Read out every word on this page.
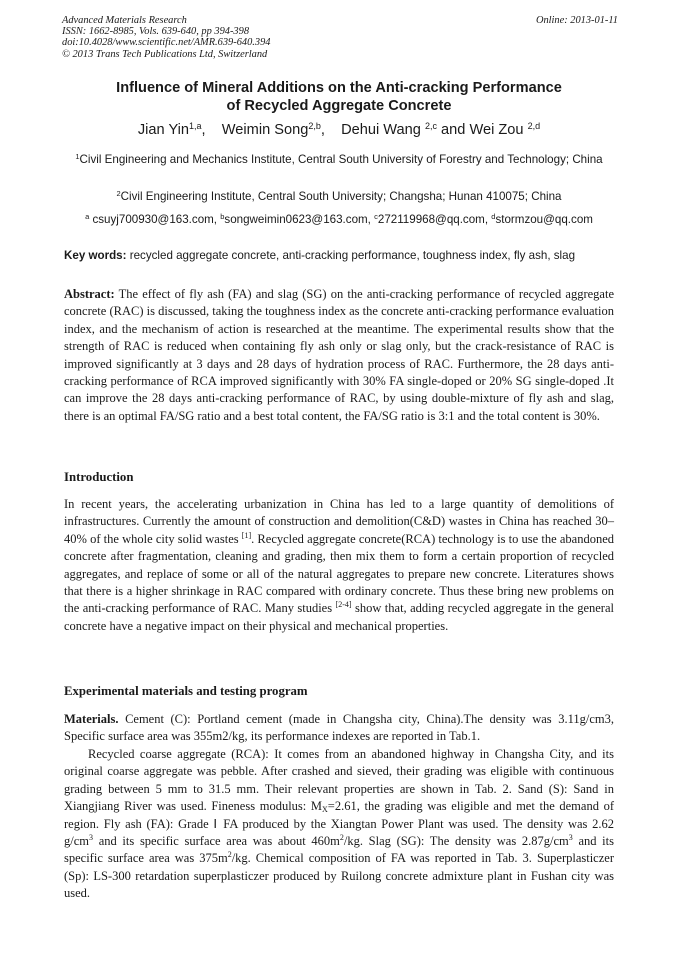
Advanced Materials Research
ISSN: 1662-8985, Vols. 639-640, pp 394-398
doi:10.4028/www.scientific.net/AMR.639-640.394
© 2013 Trans Tech Publications Ltd, Switzerland
Online: 2013-01-11
Influence of Mineral Additions on the Anti-cracking Performance
of Recycled Aggregate Concrete
Jian Yin$^{1,a}$, Weimin Song$^{2,b}$, Dehui Wang $^{2,c}$ and Wei Zou $^{2,d}$
$^1$Civil Engineering and Mechanics Institute, Central South University of Forestry and Technology; China
$^2$Civil Engineering Institute, Central South University; Changsha; Hunan 410075; China
$^a$ csuyj700930@163.com, $^b$songweimin0623@163.com, $^c$272119968@qq.com, $^d$stormzou@qq.com
Key words: recycled aggregate concrete, anti-cracking performance, toughness index, fly ash, slag
Abstract: The effect of fly ash (FA) and slag (SG) on the anti-cracking performance of recycled aggregate concrete (RAC) is discussed, taking the toughness index as the concrete anti-cracking performance evaluation index, and the mechanism of action is researched at the meantime. The experimental results show that the strength of RAC is reduced when containing fly ash only or slag only, but the crack-resistance of RAC is improved significantly at 3 days and 28 days of hydration process of RAC. Furthermore, the 28 days anti-cracking performance of RCA improved significantly with 30% FA single-doped or 20% SG single-doped .It can improve the 28 days anti-cracking performance of RAC, by using double-mixture of fly ash and slag, there is an optimal FA/SG ratio and a best total content, the FA/SG ratio is 3:1 and the total content is 30%.
Introduction
In recent years, the accelerating urbanization in China has led to a large quantity of demolitions of infrastructures. Currently the amount of construction and demolition(C&D) wastes in China has reached 30–40% of the whole city solid wastes [1]. Recycled aggregate concrete(RCA) technology is to use the abandoned concrete after fragmentation, cleaning and grading, then mix them to form a certain proportion of recycled aggregates, and replace of some or all of the natural aggregates to prepare new concrete. Literatures shows that there is a higher shrinkage in RAC compared with ordinary concrete. Thus these bring new problems on the anti-cracking performance of RAC. Many studies [2-4] show that, adding recycled aggregate in the general concrete have a negative impact on their physical and mechanical properties.
Experimental materials and testing program
Materials. Cement (C): Portland cement (made in Changsha city, China).The density was 3.11g/cm3, Specific surface area was 355m2/kg, its performance indexes are reported in Tab.1.
Recycled coarse aggregate (RCA): It comes from an abandoned highway in Changsha City, and its original coarse aggregate was pebble. After crashed and sieved, their grading was eligible with continuous grading between 5 mm to 31.5 mm. Their relevant properties are shown in Tab. 2. Sand (S): Sand in Xiangjiang River was used. Fineness modulus: $M_X=2.61$, the grading was eligible and met the demand of region. Fly ash (FA): Grade Ⅰ FA produced by the Xiangtan Power Plant was used. The density was 2.62 $g/cm^3$ and its specific surface area was about $460m^2/kg$. Slag (SG): The density was $2.87g/cm^3$ and its specific surface area was $375m^2/kg$. Chemical composition of FA was reported in Tab. 3. Superplasticzer (Sp): LS-300 retardation superplasticzer produced by Ruilong concrete admixture plant in Fushan city was used.
